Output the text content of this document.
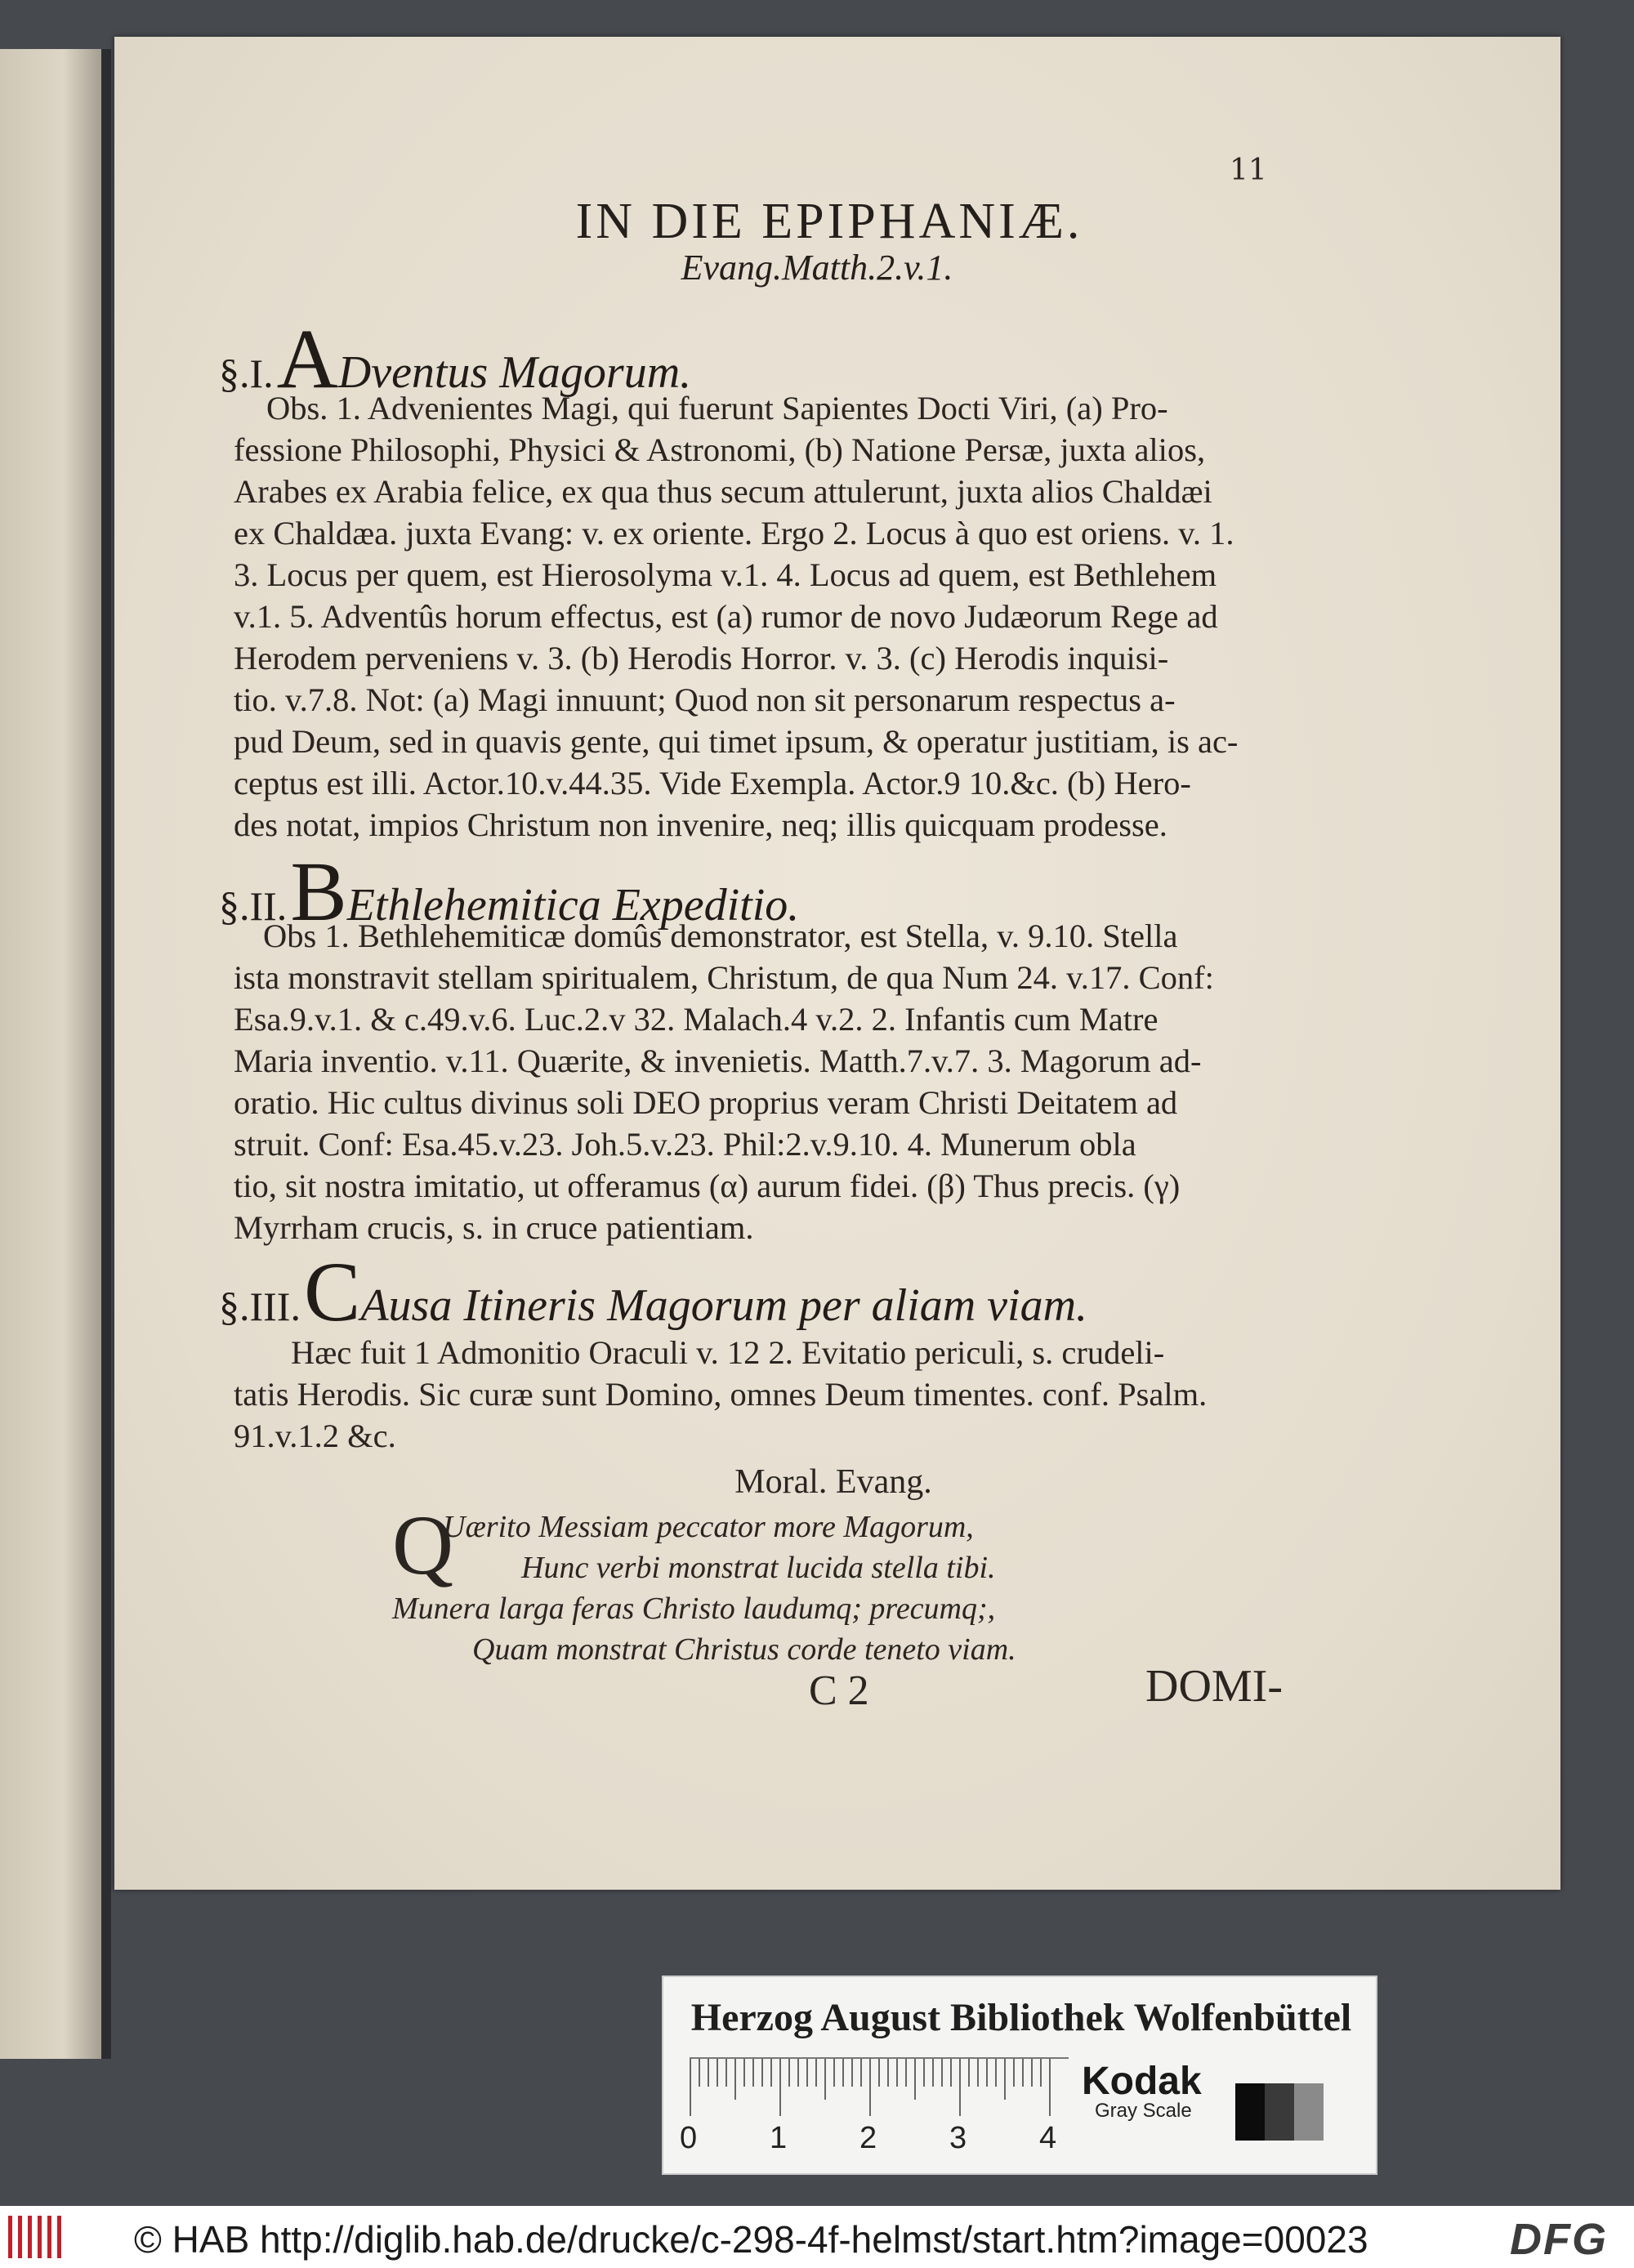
11
IN DIE EPIPHANIÆ.
Evang.Matth.2.v.1.
§.I. ADventus Magorum.
Obs. 1. Advenientes Magi, qui fuerunt Sapientes Docti Viri, (a) Pro-
fessione Philosophi, Physici & Astronomi, (b) Natione Persæ, juxta alios,
Arabes ex Arabia felice, ex qua thus secum attulerunt, juxta alios Chaldæi
ex Chaldæa. juxta Evang: v. ex oriente. Ergo 2. Locus à quo est oriens. v. 1.
3. Locus per quem, est Hierosolyma v.1. 4. Locus ad quem, est Bethlehem
v.1. 5. Adventûs horum effectus, est (a) rumor de novo Judæorum Rege ad
Herodem perveniens v. 3. (b) Herodis Horror. v. 3. (c) Herodis inquisi-
tio. v.7.8. Not: (a) Magi innuunt; Quod non sit personarum respectus a-
pud Deum, sed in quavis gente, qui timet ipsum, & operatur justitiam, is ac-
ceptus est illi. Actor.10.v.44.35. Vide Exempla. Actor.9 10.&c. (b) Hero-
des notat, impios Christum non invenire, neq; illis quicquam prodesse.
§.II. BEthlehemitica Expeditio.
Obs 1. Bethlehemiticæ domûs demonstrator, est Stella, v. 9.10. Stella
ista monstravit stellam spiritualem, Christum, de qua Num 24. v.17. Conf:
Esa.9.v.1. & c.49.v.6. Luc.2.v 32. Malach.4 v.2. 2. Infantis cum Matre
Maria inventio. v.11. Quærite, & invenietis. Matth.7.v.7. 3. Magorum ad-
oratio. Hic cultus divinus soli DEO proprius veram Christi Deitatem ad
struit. Conf: Esa.45.v.23. Joh.5.v.23. Phil:2.v.9.10. 4. Munerum obla
tio, sit nostra imitatio, ut offeramus (α) aurum fidei. (β) Thus precis. (γ)
Myrrham crucis, s. in cruce patientiam.
§.III. CAusa Itineris Magorum per aliam viam.
Hæc fuit 1 Admonitio Oraculi v. 12 2. Evitatio periculi, s. crudeli-
tatis Herodis. Sic curæ sunt Domino, omnes Deum timentes. conf. Psalm.
91.v.1.2 &c.
Moral. Evang.
Q
Uærito Messiam peccator more Magorum,
Hunc verbi monstrat lucida stella tibi.
Munera larga feras Christo laudumq; precumq;,
Quam monstrat Christus corde teneto viam.
C 2	DOMI-
Herzog August Bibliothek Wolfenbüttel
0 1 2 3 4
Kodak
Gray Scale
© HAB http://diglib.hab.de/drucke/c-298-4f-helmst/start.htm?image=00023	DFG
